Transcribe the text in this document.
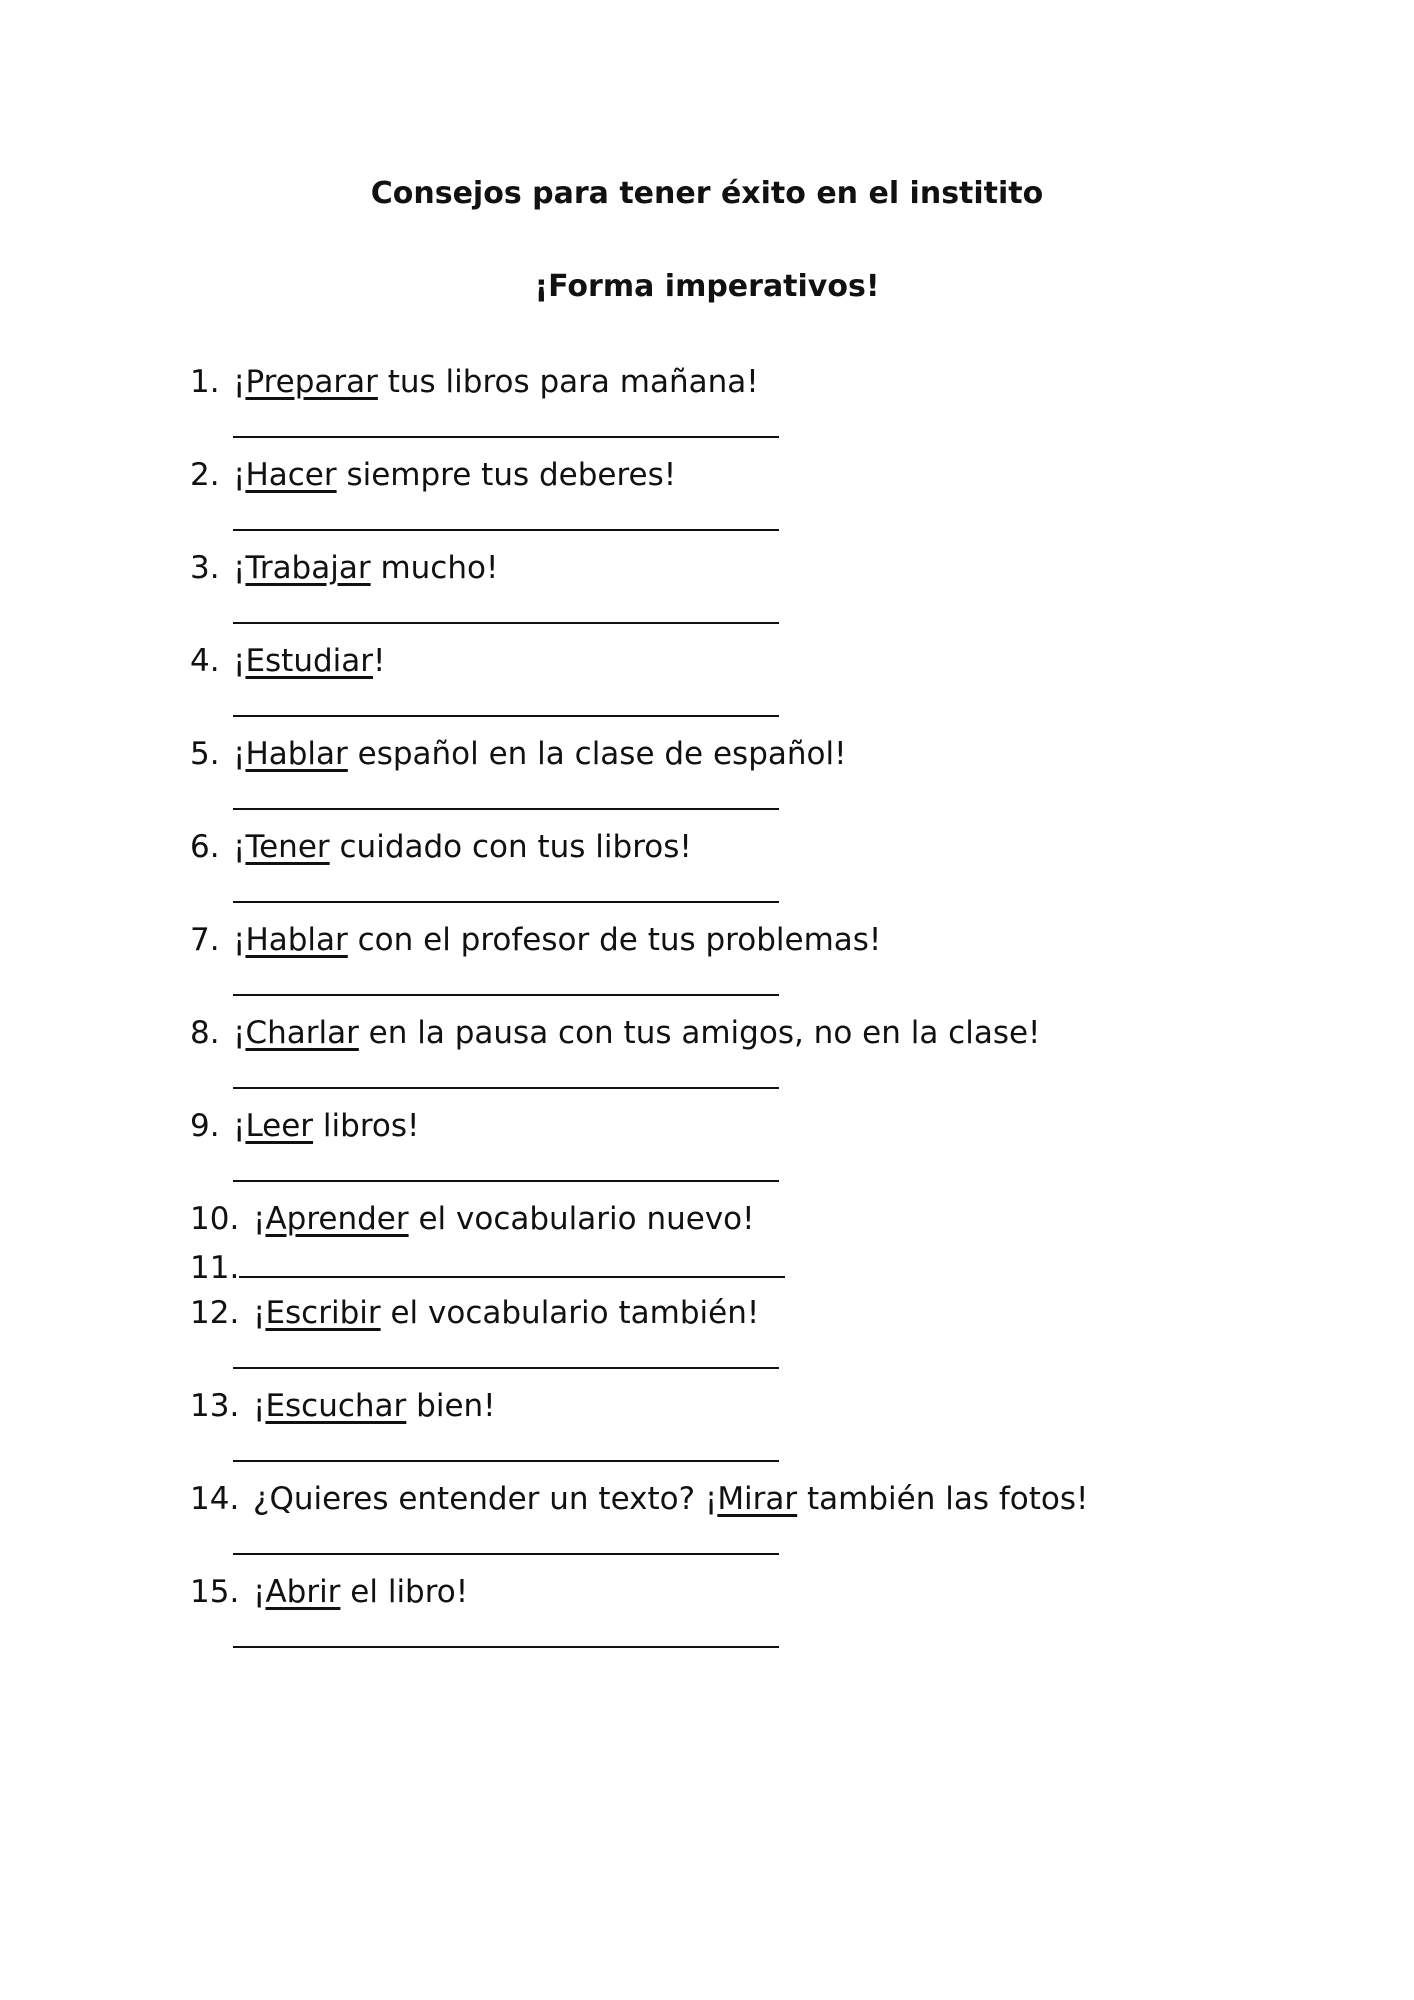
Consejos para tener éxito en el institito
¡Forma imperativos!
1. ¡Preparar tus libros para mañana!
2. ¡Hacer siempre tus deberes!
3. ¡Trabajar mucho!
4. ¡Estudiar!
5. ¡Hablar español en la clase de español!
6. ¡Tener cuidado con tus libros!
7. ¡Hablar con el profesor de tus problemas!
8. ¡Charlar en la pausa con tus amigos, no en la clase!
9. ¡Leer libros!
10. ¡Aprender el vocabulario nuevo!
11.
12. ¡Escribir el vocabulario también!
13. ¡Escuchar bien!
14. ¿Quieres entender un texto? ¡Mirar también las fotos!
15. ¡Abrir el libro!
